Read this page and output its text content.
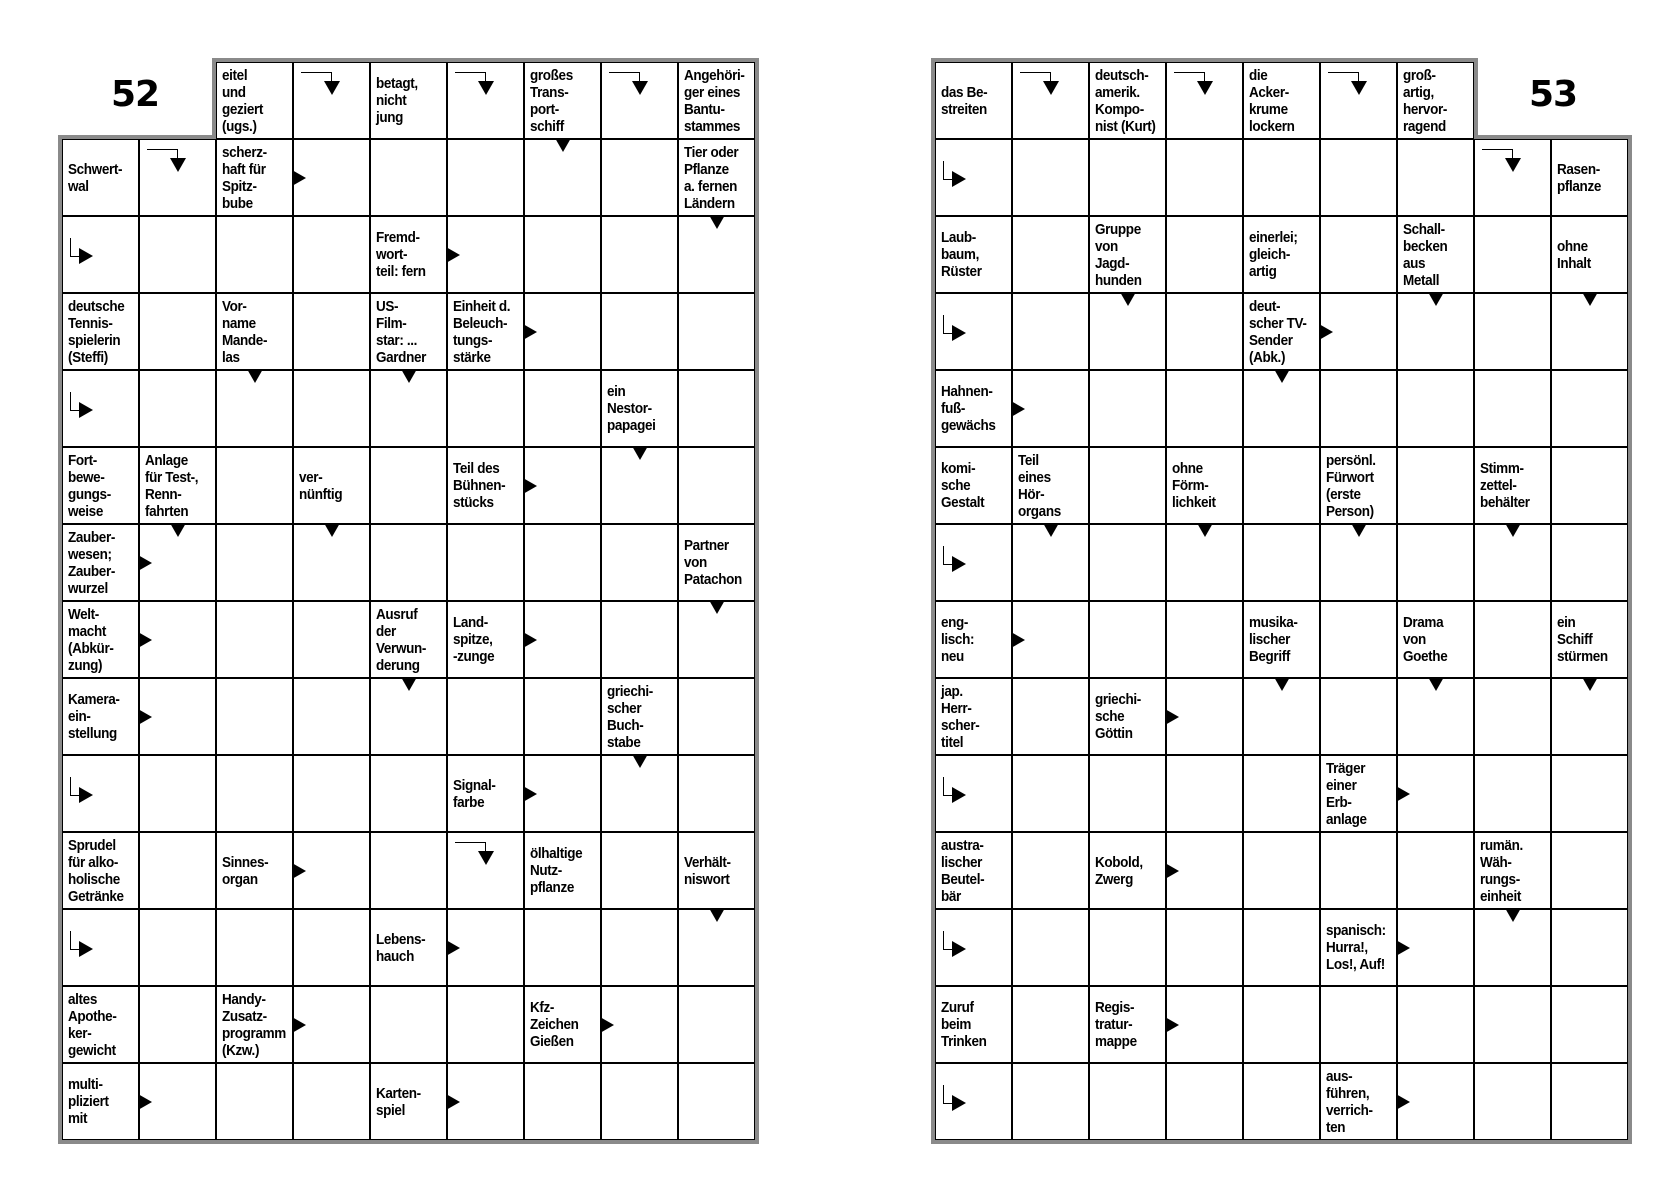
52	53
eitel
und
geziert
(ugs.)
betagt,
nicht
jung
großes
Trans-
port-
schiff
Angehöri-
ger eines
Bantu-
stammes
Schwert-
wal
scherz-
haft für
Spitz-
bube
Tier oder
Pflanze
a. fernen
Ländern
Fremd-
wort-
teil: fern
deutsche
Tennis-
spielerin
(Steffi)
Vor-
name
Mande-
las
US-
Film-
star: ...
Gardner
Einheit d.
Beleuch-
tungs-
stärke
ein
Nestor-
papagei
Fort-
bewe-
gungs-
weise
Anlage
für Test-,
Renn-
fahrten
ver-
nünftig
Teil des
Bühnen-
stücks
Zauber-
wesen;
Zauber-
wurzel
Partner
von
Patachon
Welt-
macht
(Abkür-
zung)
Ausruf
der
Verwun-
derung
Land-
spitze,
-zunge
Kamera-
ein-
stellung
griechi-
scher
Buch-
stabe
Signal-
farbe
Sprudel
für alko-
holische
Getränke
Sinnes-
organ
ölhaltige
Nutz-
pflanze
Verhält-
niswort
Lebens-
hauch
altes
Apothe-
ker-
gewicht
Handy-
Zusatz-
programm
(Kzw.)
Kfz-
Zeichen
Gießen
multi-
pliziert
mit
Karten-
spiel
das Be-
streiten
deutsch-
amerik.
Kompo-
nist (Kurt)
die
Acker-
krume
lockern
groß-
artig,
hervor-
ragend
Rasen-
pflanze
Laub-
baum,
Rüster
Gruppe
von
Jagd-
hunden
einerlei;
gleich-
artig
Schall-
becken
aus
Metall
ohne
Inhalt
deut-
scher TV-
Sender
(Abk.)
Hahnen-
fuß-
gewächs
komi-
sche
Gestalt
Teil
eines
Hör-
organs
ohne
Förm-
lichkeit
persönl.
Fürwort
(erste
Person)
Stimm-
zettel-
behälter
eng-
lisch:
neu
musika-
lischer
Begriff
Drama
von
Goethe
ein
Schiff
stürmen
jap.
Herr-
scher-
titel
griechi-
sche
Göttin
Träger
einer
Erb-
anlage
austra-
lischer
Beutel-
bär
Kobold,
Zwerg
rumän.
Wäh-
rungs-
einheit
spanisch:
Hurra!,
Los!, Auf!
Zuruf
beim
Trinken
Regis-
tratur-
mappe
aus-
führen,
verrich-
ten
